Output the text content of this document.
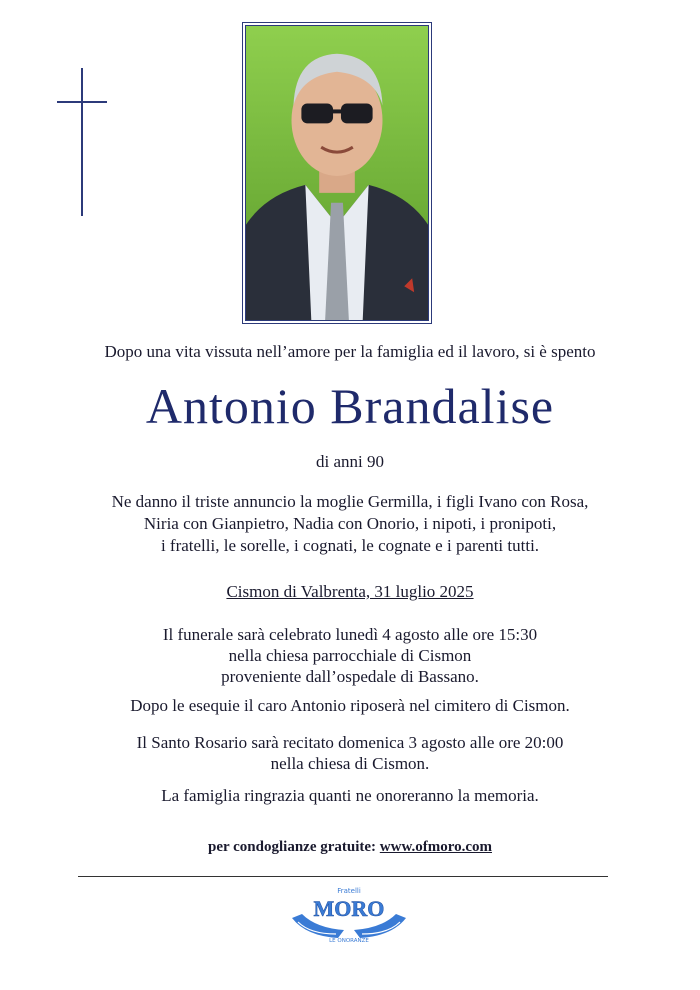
Dopo una vita vissuta nell’amore per la famiglia ed il lavoro, si è spento
Antonio Brandalise
di anni 90
Ne danno il triste annuncio la moglie Germilla, i figli Ivano con Rosa,
Niria con Gianpietro, Nadia con Onorio, i nipoti, i pronipoti,
i fratelli, le sorelle, i cognati, le cognate e i parenti tutti.
Cismon di Valbrenta, 31 luglio 2025
Il funerale sarà celebrato lunedì 4 agosto alle ore 15:30
nella chiesa parrocchiale di Cismon
proveniente dall’ospedale di Bassano.
Dopo le esequie il caro Antonio riposerà nel cimitero di Cismon.
Il Santo Rosario sarà recitato domenica 3 agosto alle ore 20:00
nella chiesa di Cismon.
La famiglia ringrazia quanti ne onoreranno la memoria.
per condoglianze gratuite: www.ofmoro.com
Fratelli
MORO
LE ONORANZE
